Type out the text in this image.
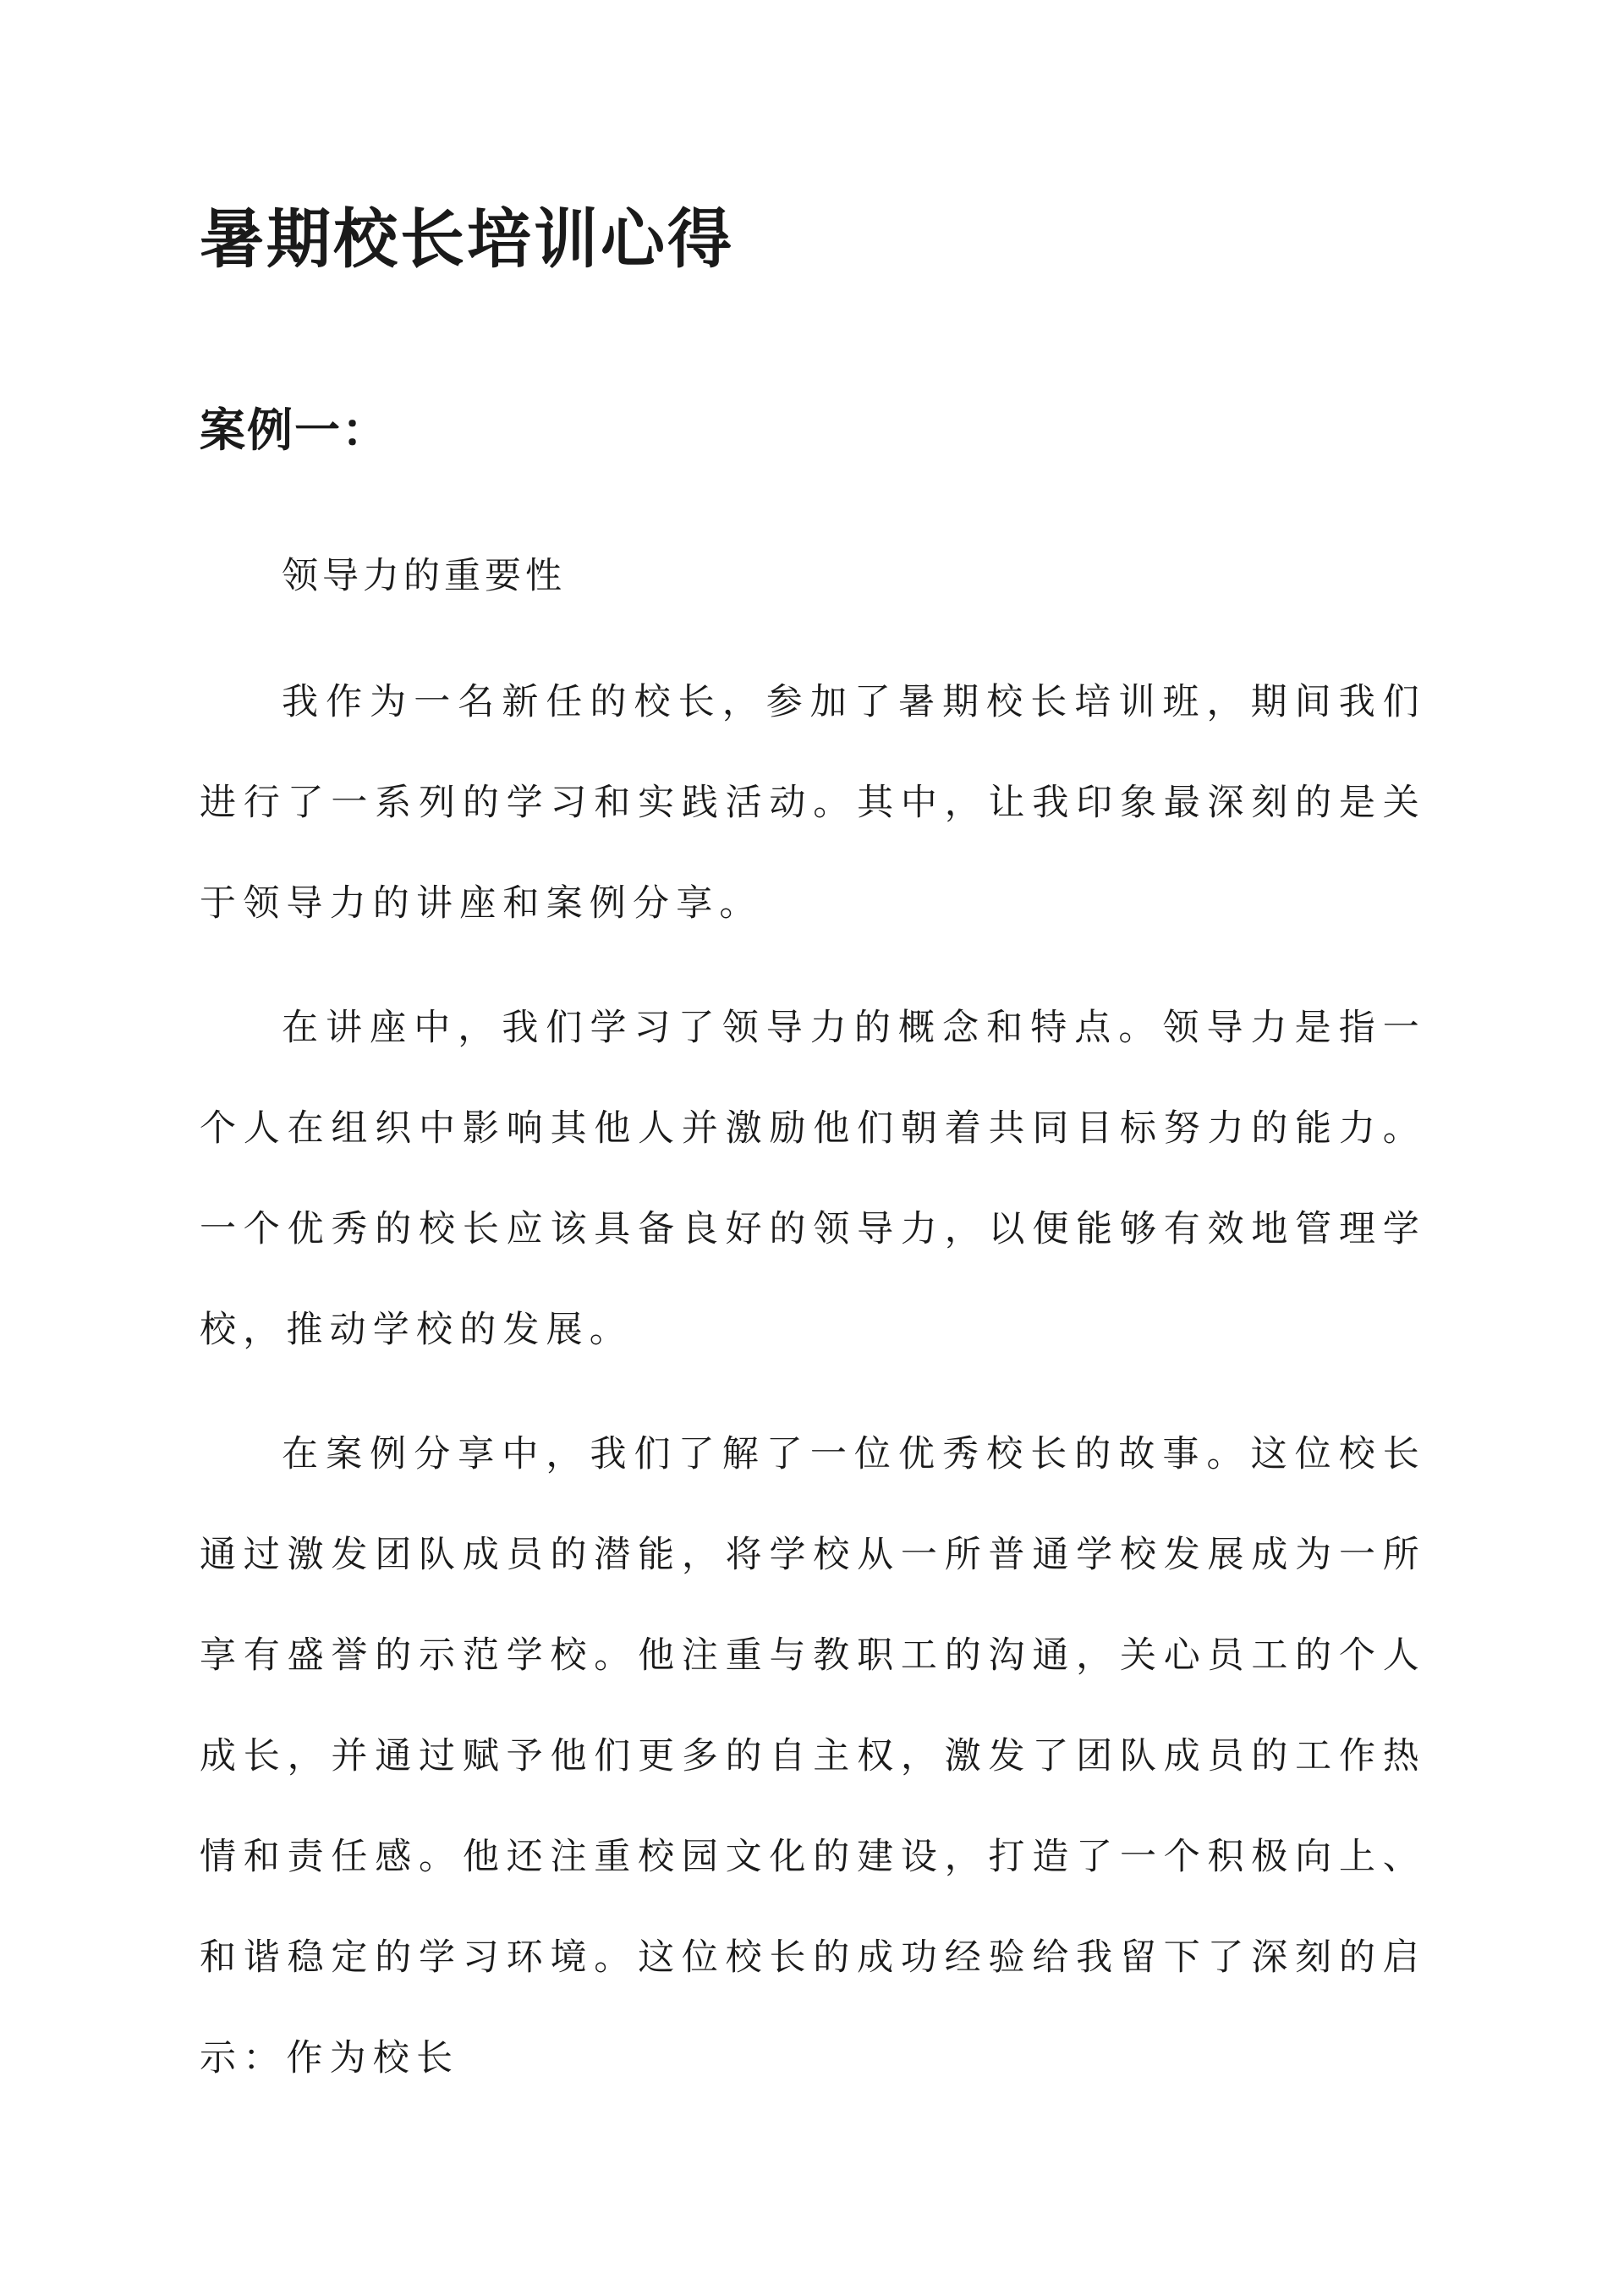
暑期校长培训心得
案例一：

领导力的重要性

我作为一名新任的校长，参加了暑期校长培训班，期间我们进行了一系列的学习和实践活动。其中，让我印象最深刻的是关于领导力的讲座和案例分享。

在讲座中，我们学习了领导力的概念和特点。领导力是指一个人在组织中影响其他人并激励他们朝着共同目标努力的能力。一个优秀的校长应该具备良好的领导力，以便能够有效地管理学校，推动学校的发展。

在案例分享中，我们了解了一位优秀校长的故事。这位校长通过激发团队成员的潜能，将学校从一所普通学校发展成为一所享有盛誉的示范学校。他注重与教职工的沟通，关心员工的个人成长，并通过赋予他们更多的自主权，激发了团队成员的工作热情和责任感。他还注重校园文化的建设，打造了一个积极向上、和谐稳定的学习环境。这位校长的成功经验给我留下了深刻的启示：作为校长
